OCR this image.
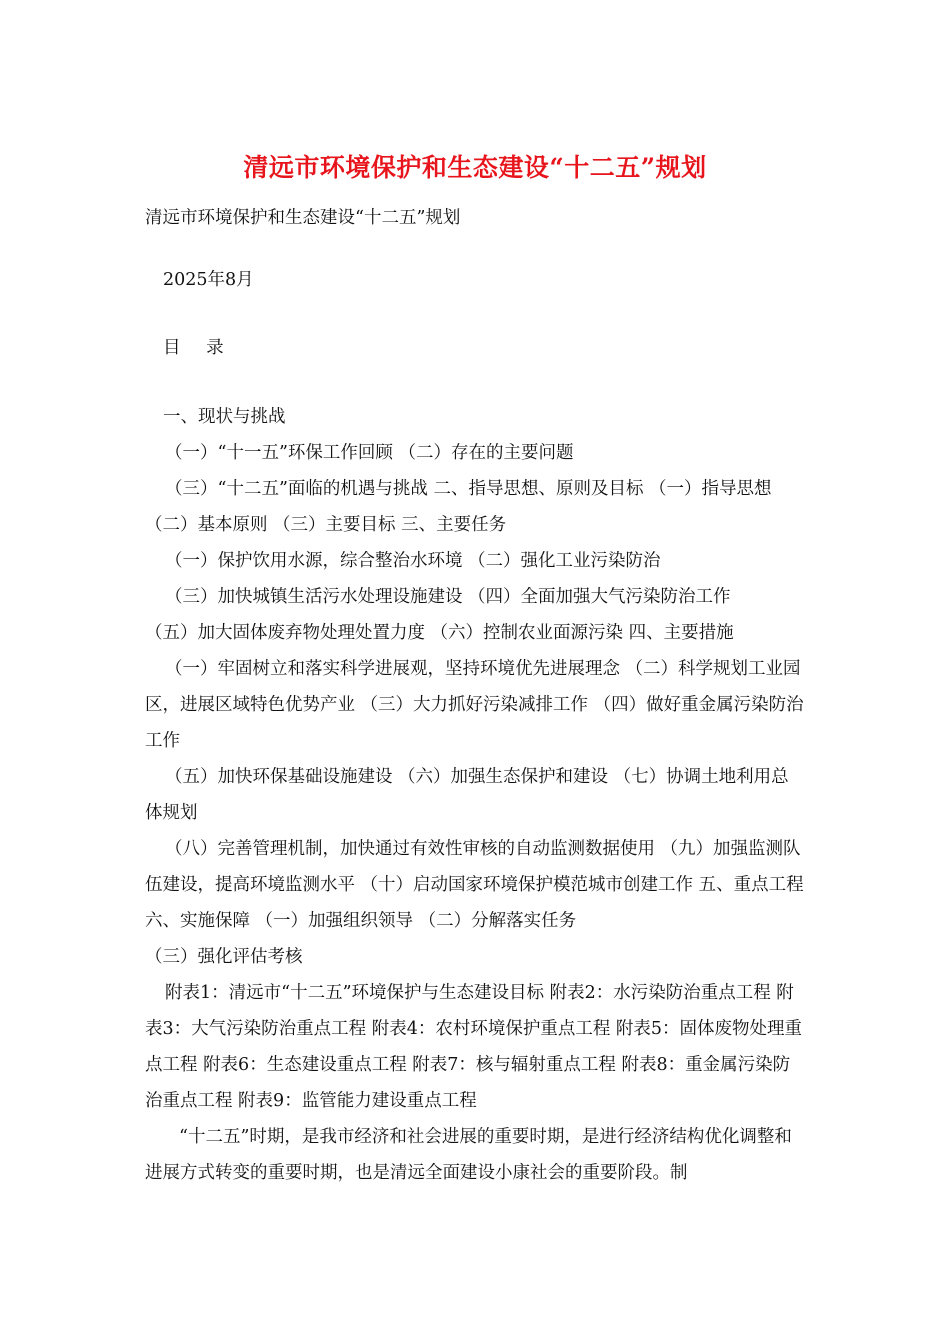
清远市环境保护和生态建设“十二五”规划

清远市环境保护和生态建设“十二五”规划

2025年8月

目 录

一、现状与挑战

（一）“十一五”环保工作回顾 （二）存在的主要问题

（三）“十二五”面临的机遇与挑战 二、指导思想、原则及目标 （一）指导思想 （二）基本原则 （三）主要目标 三、主要任务

（一）保护饮用水源，综合整治水环境 （二）强化工业污染防治

（三）加快城镇生活污水处理设施建设 （四）全面加强大气污染防治工作

（五）加大固体废弃物处理处置力度 （六）控制农业面源污染 四、主要措施

（一）牢固树立和落实科学进展观，坚持环境优先进展理念 （二）科学规划工业园区，进展区域特色优势产业 （三）大力抓好污染减排工作 （四）做好重金属污染防治工作

（五）加快环保基础设施建设 （六）加强生态保护和建设 （七）协调土地利用总体规划

（八）完善管理机制，加快通过有效性审核的自动监测数据使用 （九）加强监测队伍建设，提高环境监测水平 （十）启动国家环境保护模范城市创建工作 五、重点工程 六、实施保障 （一）加强组织领导 （二）分解落实任务

（三）强化评估考核

附表1：清远市“十二五”环境保护与生态建设目标 附表2：水污染防治重点工程 附表3：大气污染防治重点工程 附表4：农村环境保护重点工程 附表5：固体废物处理重点工程 附表6：生态建设重点工程 附表7：核与辐射重点工程 附表8：重金属污染防治重点工程 附表9：监管能力建设重点工程

“十二五”时期，是我市经济和社会进展的重要时期，是进行经济结构优化调整和进展方式转变的重要时期，也是清远全面建设小康社会的重要阶段。制
